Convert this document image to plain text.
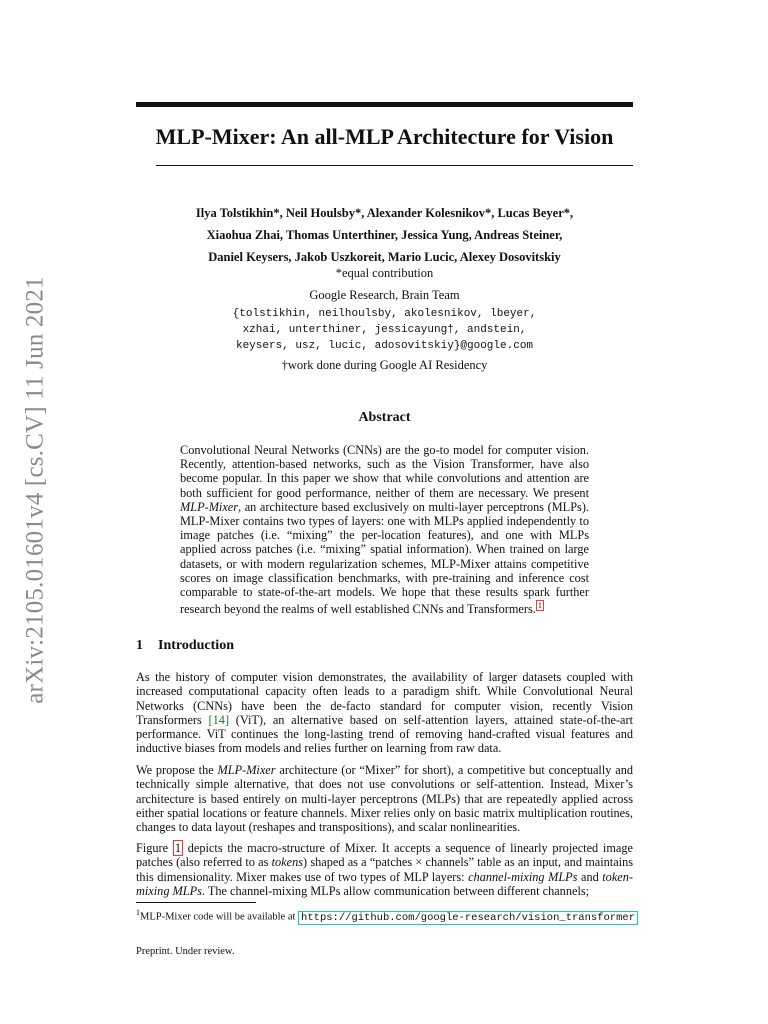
arXiv:2105.01601v4 [cs.CV] 11 Jun 2021
MLP-Mixer: An all-MLP Architecture for Vision
Ilya Tolstikhin*, Neil Houlsby*, Alexander Kolesnikov*, Lucas Beyer*,
Xiaohua Zhai, Thomas Unterthiner, Jessica Yung, Andreas Steiner,
Daniel Keysers, Jakob Uszkoreit, Mario Lucic, Alexey Dosovitskiy
*equal contribution
Google Research, Brain Team
{tolstikhin, neilhoulsby, akolesnikov, lbeyer,
xzhai, unterthiner, jessicayung†, andstein,
keysers, usz, lucic, adosovitskiy}@google.com
†work done during Google AI Residency
Abstract
Convolutional Neural Networks (CNNs) are the go-to model for computer vision. Recently, attention-based networks, such as the Vision Transformer, have also become popular. In this paper we show that while convolutions and attention are both sufficient for good performance, neither of them are necessary. We present MLP-Mixer, an architecture based exclusively on multi-layer perceptrons (MLPs). MLP-Mixer contains two types of layers: one with MLPs applied independently to image patches (i.e. “mixing” the per-location features), and one with MLPs applied across patches (i.e. “mixing” spatial information). When trained on large datasets, or with modern regularization schemes, MLP-Mixer attains competitive scores on image classification benchmarks, with pre-training and inference cost comparable to state-of-the-art models. We hope that these results spark further research beyond the realms of well established CNNs and Transformers. $^1$
1 Introduction
As the history of computer vision demonstrates, the availability of larger datasets coupled with increased computational capacity often leads to a paradigm shift. While Convolutional Neural Networks (CNNs) have been the de-facto standard for computer vision, recently Vision Transformers [14] (ViT), an alternative based on self-attention layers, attained state-of-the-art performance. ViT continues the long-lasting trend of removing hand-crafted visual features and inductive biases from models and relies further on learning from raw data.
We propose the MLP-Mixer architecture (or “Mixer” for short), a competitive but conceptually and technically simple alternative, that does not use convolutions or self-attention. Instead, Mixer’s architecture is based entirely on multi-layer perceptrons (MLPs) that are repeatedly applied across either spatial locations or feature channels. Mixer relies only on basic matrix multiplication routines, changes to data layout (reshapes and transpositions), and scalar nonlinearities.
Figure 1 depicts the macro-structure of Mixer. It accepts a sequence of linearly projected image patches (also referred to as tokens) shaped as a “patches × channels” table as an input, and maintains this dimensionality. Mixer makes use of two types of MLP layers: channel-mixing MLPs and token-mixing MLPs. The channel-mixing MLPs allow communication between different channels;
$^1$MLP-Mixer code will be available at https://github.com/google-research/vision_transformer
Preprint. Under review.
